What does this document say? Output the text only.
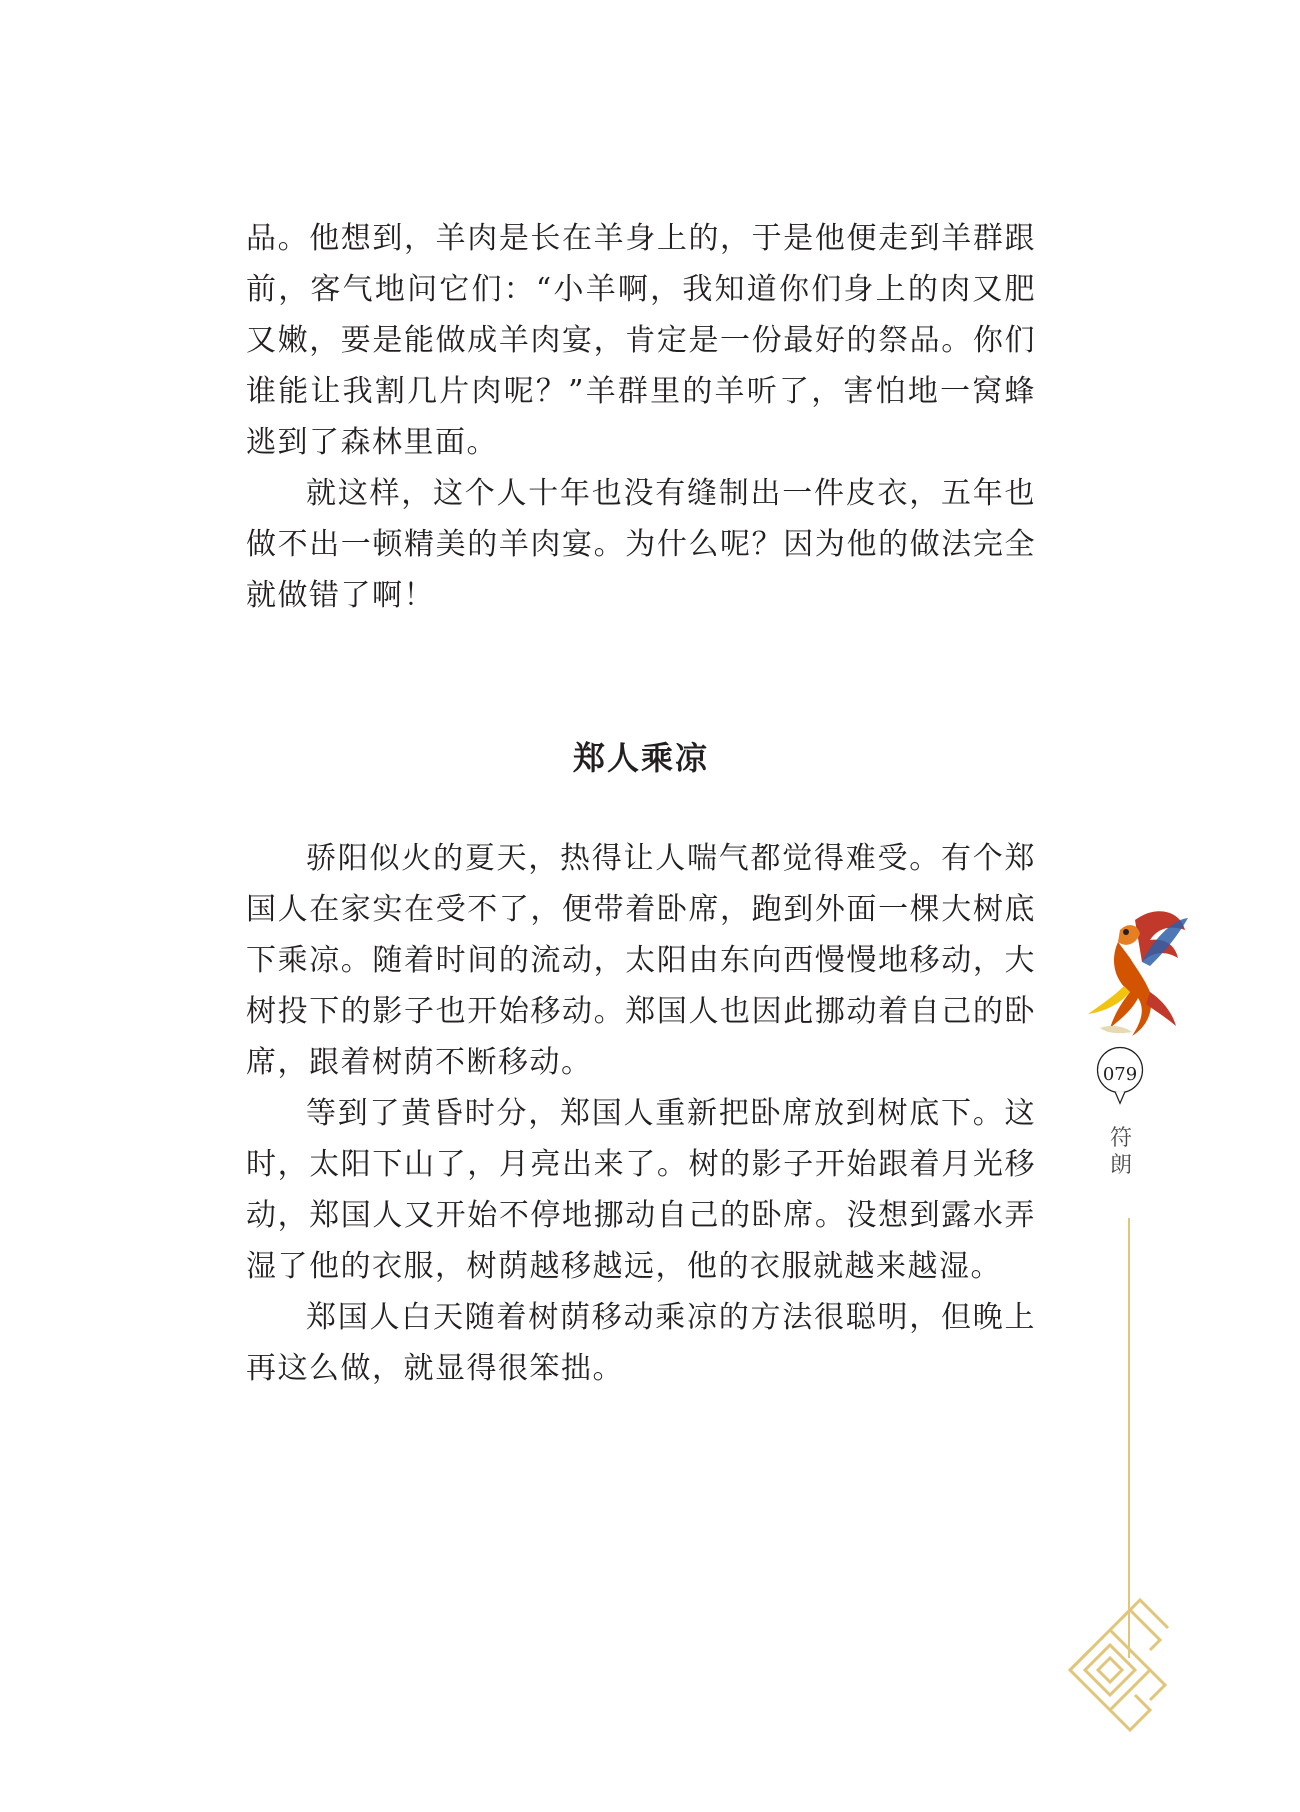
品。他想到，羊肉是长在羊身上的，于是他便走到羊群跟前，客气地问它们：“小羊啊，我知道你们身上的肉又肥又嫩，要是能做成羊肉宴，肯定是一份最好的祭品。你们谁能让我割几片肉呢？”羊群里的羊听了，害怕地一窝蜂逃到了森林里面。

就这样，这个人十年也没有缝制出一件皮衣，五年也做不出一顿精美的羊肉宴。为什么呢？因为他的做法完全就做错了啊！

郑人乘凉

骄阳似火的夏天，热得让人喘气都觉得难受。有个郑国人在家实在受不了，便带着卧席，跑到外面一棵大树底下乘凉。随着时间的流动，太阳由东向西慢慢地移动，大树投下的影子也开始移动。郑国人也因此挪动着自己的卧席，跟着树荫不断移动。

等到了黄昏时分，郑国人重新把卧席放到树底下。这时，太阳下山了，月亮出来了。树的影子开始跟着月光移动，郑国人又开始不停地挪动自己的卧席。没想到露水弄湿了他的衣服，树荫越移越远，他的衣服就越来越湿。

郑国人白天随着树荫移动乘凉的方法很聪明，但晚上再这么做，就显得很笨拙。

079
符朗
